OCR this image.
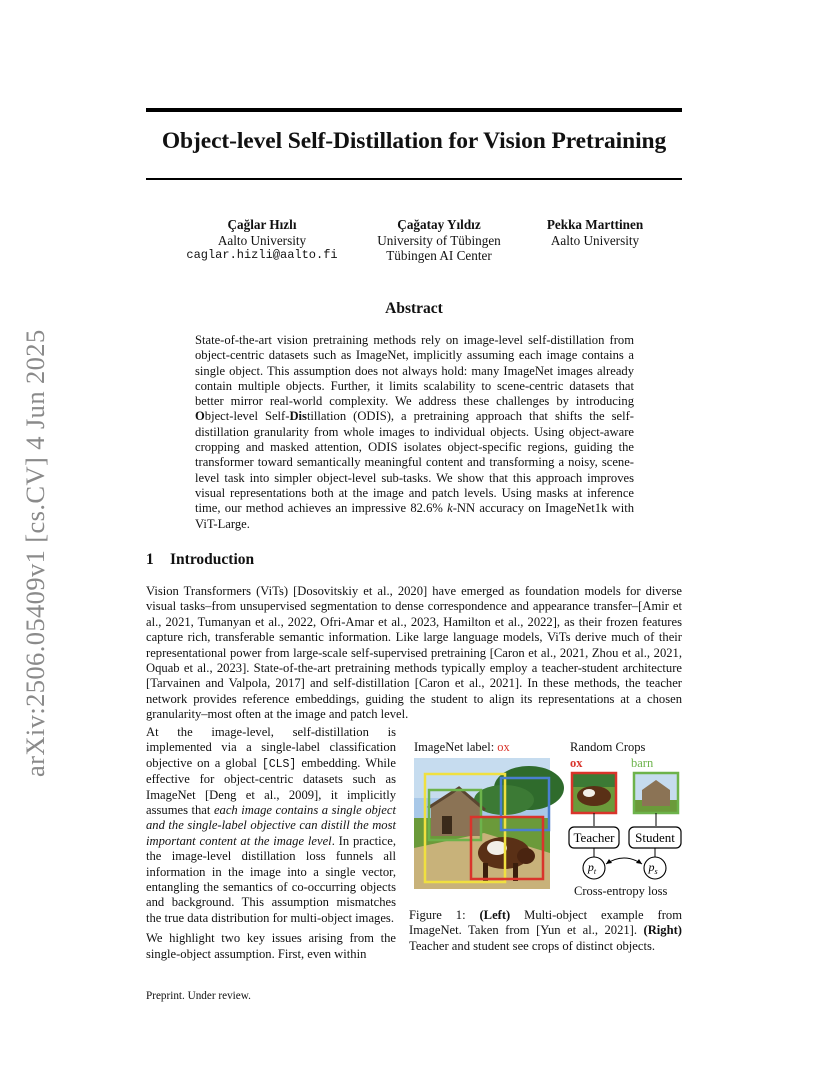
arXiv:2506.05409v1 [cs.CV] 4 Jun 2025
Object-level Self-Distillation for Vision Pretraining
Çağlar Hızlı
Aalto University
caglar.hizli@aalto.fi
Çağatay Yıldız
University of Tübingen
Tübingen AI Center
Pekka Marttinen
Aalto University
Abstract

State-of-the-art vision pretraining methods rely on image-level self-distillation from object-centric datasets such as ImageNet, implicitly assuming each image contains a single object. This assumption does not always hold: many ImageNet images already contain multiple objects. Further, it limits scalability to scene-centric datasets that better mirror real-world complexity. We address these challenges by introducing Object-level Self-Distillation (ODIS), a pretraining approach that shifts the self-distillation granularity from whole images to individual objects. Using object-aware cropping and masked attention, ODIS isolates object-specific regions, guiding the transformer toward semantically meaningful content and transforming a noisy, scene-level task into simpler object-level sub-tasks. We show that this approach improves visual representations both at the image and patch levels. Using masks at inference time, our method achieves an impressive 82.6% k-NN accuracy on ImageNet1k with ViT-Large.

1 Introduction

Vision Transformers (ViTs) [Dosovitskiy et al., 2020] have emerged as foundation models for diverse visual tasks–from unsupervised segmentation to dense correspondence and appearance transfer–[Amir et al., 2021, Tumanyan et al., 2022, Ofri-Amar et al., 2023, Hamilton et al., 2022], as their frozen features capture rich, transferable semantic information. Like large language models, ViTs derive much of their representational power from large-scale self-supervised pretraining [Caron et al., 2021, Zhou et al., 2021, Oquab et al., 2023]. State-of-the-art pretraining methods typically employ a teacher-student architecture [Tarvainen and Valpola, 2017] and self-distillation [Caron et al., 2021]. In these methods, the teacher network provides reference embeddings, guiding the student to align its representations at a chosen granularity–most often at the image and patch level.

At the image-level, self-distillation is implemented via a single-label classification objective on a global [CLS] embedding. While effective for object-centric datasets such as ImageNet [Deng et al., 2009], it implicitly assumes that each image contains a single object and the single-label objective can distill the most important content at the image level. In practice, the image-level distillation loss funnels all information in the image into a single vector, entangling the semantics of co-occurring objects and background. This assumption mismatches the true data distribution for multi-object images.

We highlight two key issues arising from the single-object assumption. First, even within

ImageNet label: ox	Random Crops
ox	barn
Cross-entropy loss
Teacher Student
$p_t$	$p_s$

Figure 1: (Left) Multi-object example from ImageNet. Taken from [Yun et al., 2021]. (Right) Teacher and student see crops of distinct objects.

Preprint. Under review.
